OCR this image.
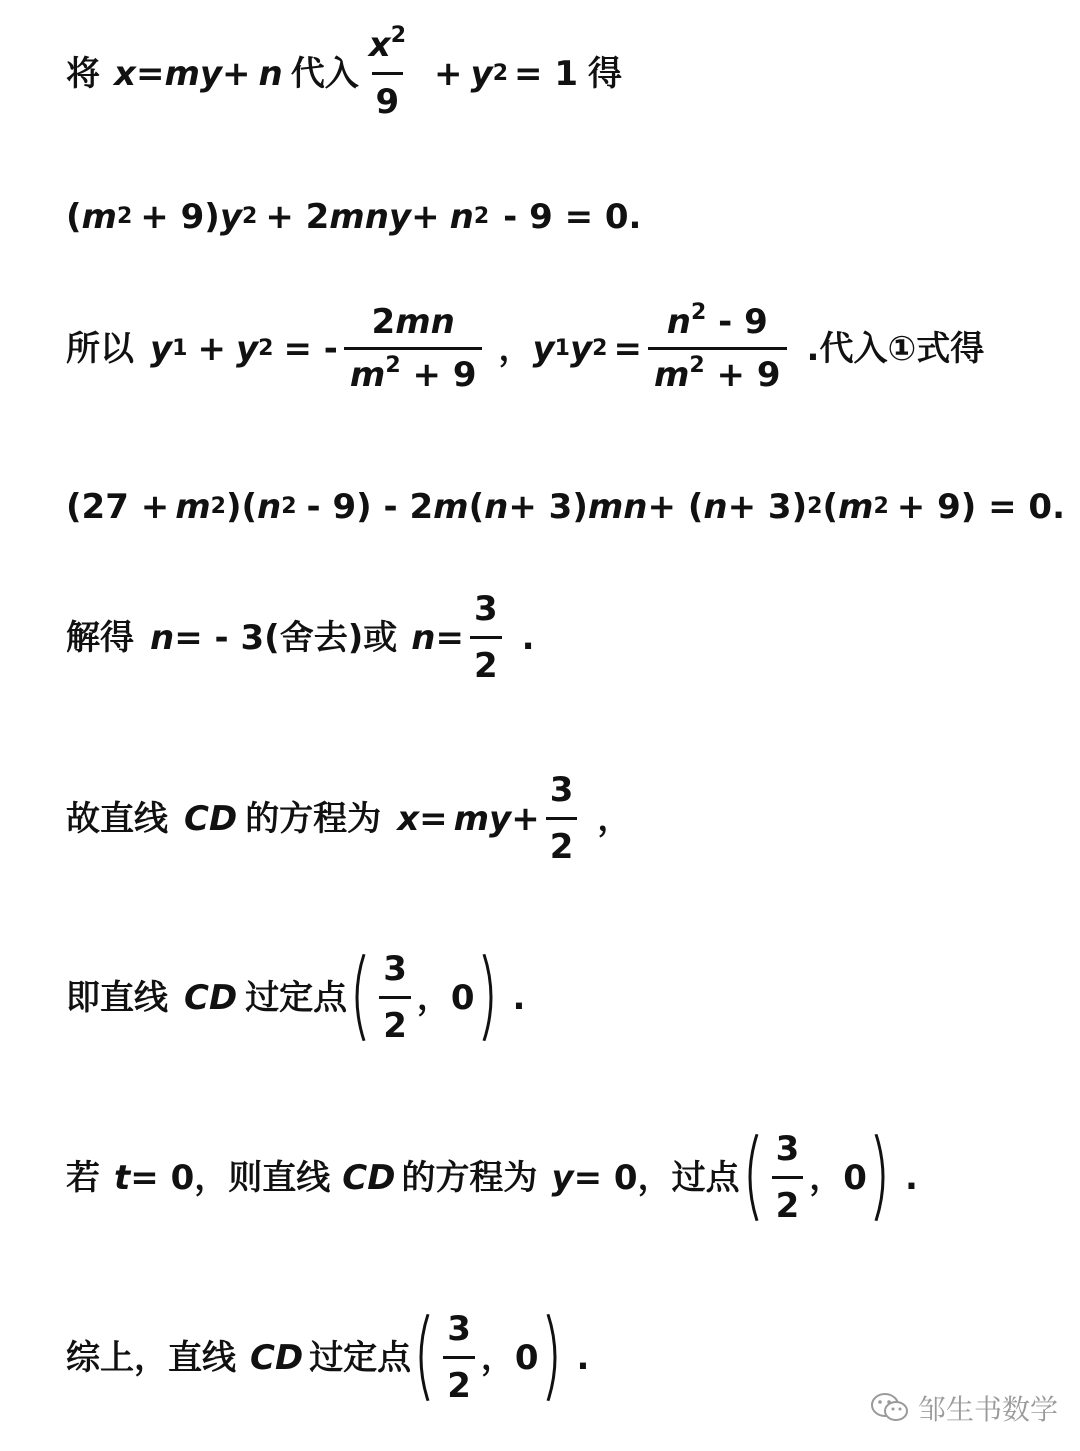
将 x = m y + n 代入 $\frac{x^2}{9} + y$ 2 = 1 得
( m 2 + 9) y 2 + 2 mny + n 2 - 9 = 0.
所以 y 1 + y 2 = - $\frac{2mn}{m^2 + 9}$ ， y 1 y $2 = \frac{n^2 - 9}{m^2 + 9}$ .代入①式得
(27 + m 2 )( n 2 - 9) - 2 m ( n + 3) mn + ( n + 3) 2 ( m 2 + 9) = 0.
解得 n = - 3(舍去)或 $n = \frac{3}{2}$ .
故直线 CD 的方程为 x = my + $\frac{3}{2}$ ，
即直线 CD 过定点 $\frac{3}{2}$ ，0 .
若 t = 0，则直线 CD 的方程为 y = 0，过点 $\frac{3}{2}$ ，0 .
综上，直线 CD 过定点 $\frac{3}{2}$ ，0 .
邹生书数学
